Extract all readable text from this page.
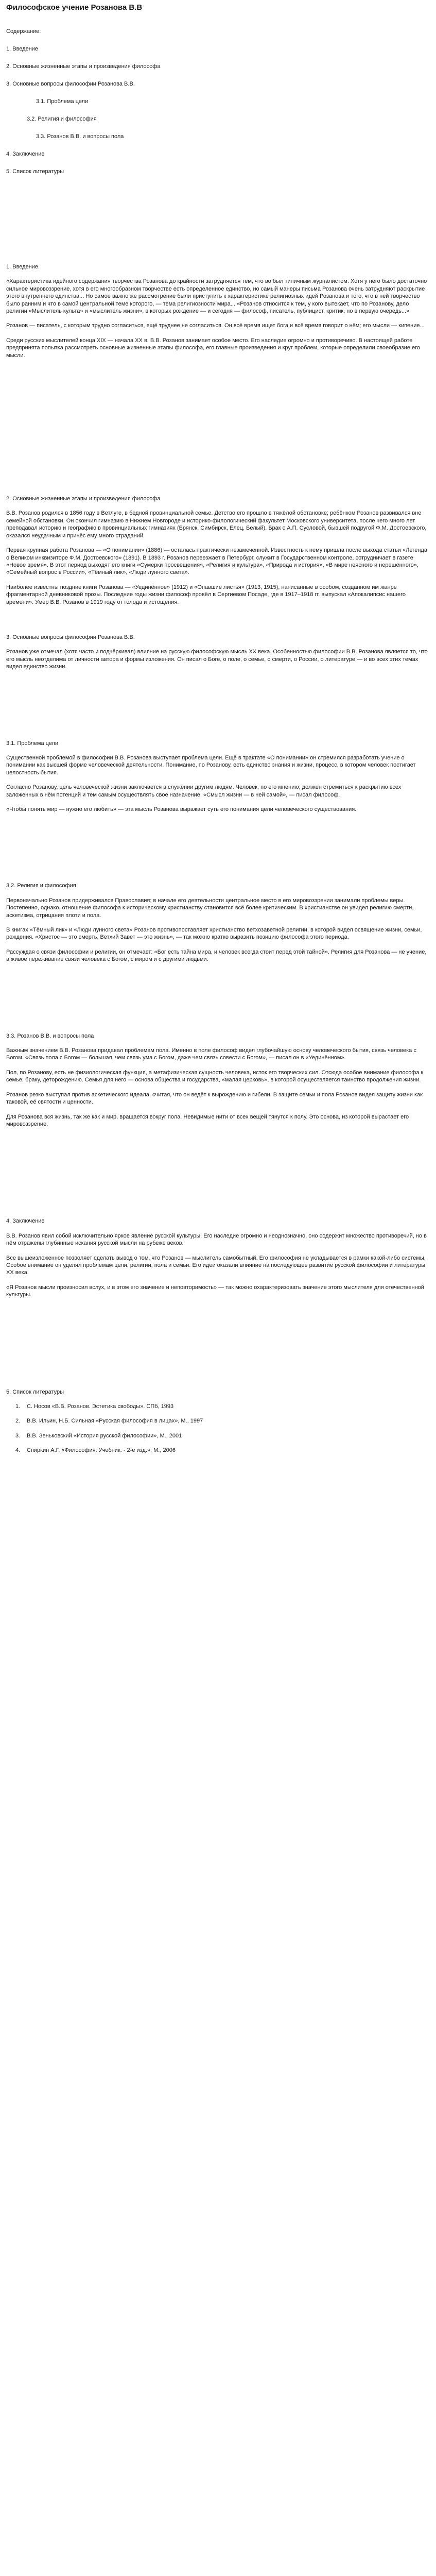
Философское учение Розанова В.В
Содержание:
1. Введение
2. Основные жизненные этапы и произведения философа
3. Основные вопросы философии Розанова В.В.
3.1. Проблема цели
3.2. Религия и философия
3.3. Розанов В.В. и вопросы пола
4. Заключение
5. Список литературы
1. Введение.

«Характеристика идейного содержания творчества Розанова до крайности затрудняется тем, что во был типичным журналистом. Хотя у него было достаточно сильное мировоззрение, хотя в его многообразном творчестве есть определенное единство, но самый манеры письма Розанова очень затрудняют раскрытие этого внутреннего единства... Но самое важно же рассмотрение были приступить к характеристике религиозных идей Розанова и того, что в ней творчество было ранним и что в самой центральной теме которого, — тема религиозности мира... «Розанов относится к тем, у кого вытекает, что по Розанову, дело религии «Мыслитель культа» и «мыслитель жизни», в которых рождение — и сегодня — философ, писатель, публицист, критик, но в первую очередь...»

Розанов — писатель, с которым трудно согласиться, ещё труднее не согласиться. Он всё время ищет бога и всё время говорит о нём; его мысли — кипение...

Среди русских мыслителей конца XIX — начала XX в. В.В. Розанов занимает особое место. Его наследие огромно и противоречиво. В настоящей работе предпринята попытка рассмотреть основные жизненные этапы философа, его главные произведения и круг проблем, которые определили своеобразие его мысли.

2. Основные жизненные этапы и произведения философа

В.В. Розанов родился в 1856 году в Ветлуге, в бедной провинциальной семье. Детство его прошло в тяжёлой обстановке; ребёнком Розанов развивался вне семейной обстановки. Он окончил гимназию в Нижнем Новгороде и историко-филологический факультет Московского университета, после чего много лет преподавал историю и географию в провинциальных гимназиях (Брянск, Симбирск, Елец, Белый). Брак с А.П. Сусловой, бывшей подругой Ф.М. Достоевского, оказался неудачным и принёс ему много страданий.

Первая крупная работа Розанова — «О понимании» (1886) — осталась практически незамеченной. Известность к нему пришла после выхода статьи «Легенда о Великом инквизиторе Ф.М. Достоевского» (1891). В 1893 г. Розанов переезжает в Петербург, служит в Государственном контроле, сотрудничает в газете «Новое время». В этот период выходят его книги «Сумерки просвещения», «Религия и культура», «Природа и история», «В мире неясного и нерешённого», «Семейный вопрос в России», «Тёмный лик», «Люди лунного света».

Наиболее известны поздние книги Розанова — «Уединённое» (1912) и «Опавшие листья» (1913, 1915), написанные в особом, созданном им жанре фрагментарной дневниковой прозы. Последние годы жизни философ провёл в Сергиевом Посаде, где в 1917–1918 гг. выпускал «Апокалипсис нашего времени». Умер В.В. Розанов в 1919 году от голода и истощения.

3. Основные вопросы философии Розанова В.В.

Розанов уже отмечал (хотя часто и подчёркивал) влияние на русскую философскую мысль XX века. Особенностью философии В.В. Розанова является то, что его мысль неотделима от личности автора и формы изложения. Он писал о Боге, о поле, о семье, о смерти, о России, о литературе — и во всех этих темах видел единство жизни.

3.1. Проблема цели

Существенной проблемой в философии В.В. Розанова выступает проблема цели. Ещё в трактате «О понимании» он стремился разработать учение о понимании как высшей форме человеческой деятельности. Понимание, по Розанову, есть единство знания и жизни, процесс, в котором человек постигает целостность бытия.

Согласно Розанову, цель человеческой жизни заключается в служении другим людям. Человек, по его мнению, должен стремиться к раскрытию всех заложенных в нём потенций и тем самым осуществлять своё назначение. «Смысл жизни — в ней самой», — писал философ.

«Чтобы понять мир — нужно его любить» — эта мысль Розанова выражает суть его понимания цели человеческого существования.

3.2. Религия и философия

Первоначально Розанов придерживался Православия; в начале его деятельности центральное место в его мировоззрении занимали проблемы веры. Постепенно, однако, отношение философа к историческому христианству становится всё более критическим. В христианстве он увидел религию смерти, аскетизма, отрицания плоти и пола.

В книгах «Тёмный лик» и «Люди лунного света» Розанов противопоставляет христианство ветхозаветной религии, в которой видел освящение жизни, семьи, рождения. «Христос — это смерть, Ветхий Завет — это жизнь», — так можно кратко выразить позицию философа этого периода.

Рассуждая о связи философии и религии, он отмечает: «Бог есть тайна мира, и человек всегда стоит перед этой тайной». Религия для Розанова — не учение, а живое переживание связи человека с Богом, с миром и с другими людьми.

3.3. Розанов В.В. и вопросы пола

Важным значением В.В. Розанова придавал проблемам пола. Именно в поле философ видел глубочайшую основу человеческого бытия, связь человека с Богом. «Связь пола с Богом — большая, чем связь ума с Богом, даже чем связь совести с Богом», — писал он в «Уединённом».

Пол, по Розанову, есть не физиологическая функция, а метафизическая сущность человека, исток его творческих сил. Отсюда особое внимание философа к семье, браку, деторождению. Семья для него — основа общества и государства, «малая церковь», в которой осуществляется таинство продолжения жизни.

Розанов резко выступал против аскетического идеала, считая, что он ведёт к вырождению и гибели. В защите семьи и пола Розанов видел защиту жизни как таковой, её святости и ценности.

Для Розанова вся жизнь, так же как и мир, вращается вокруг пола. Невидимые нити от всех вещей тянутся к полу. Это основа, из которой вырастает его мировоззрение.

4. Заключение

В.В. Розанов явил собой исключительно яркое явление русской культуры. Его наследие огромно и неоднозначно, оно содержит множество противоречий, но в нём отражены глубинные искания русской мысли на рубеже веков.

Все вышеизложенное позволяет сделать вывод о том, что Розанов — мыслитель самобытный. Его философия не укладывается в рамки какой-либо системы. Особое внимание он уделял проблемам цели, религии, пола и семьи. Его идеи оказали влияние на последующее развитие русской философии и литературы XX века.

«Я Розанов мысли произносил вслух, и в этом его значение и неповторимость» — так можно охарактеризовать значение этого мыслителя для отечественной культуры.

5. Список литературы
1. С. Носов «В.В. Розанов. Эстетика свободы». СПб, 1993
2. В.В. Ильин, Н.Б. Сильная «Русская философия в лицах», М., 1997
3. В.В. Зеньковский «История русской философии», М., 2001
4. Спиркин А.Г. «Философия: Учебник. - 2-е изд.», М., 2006
